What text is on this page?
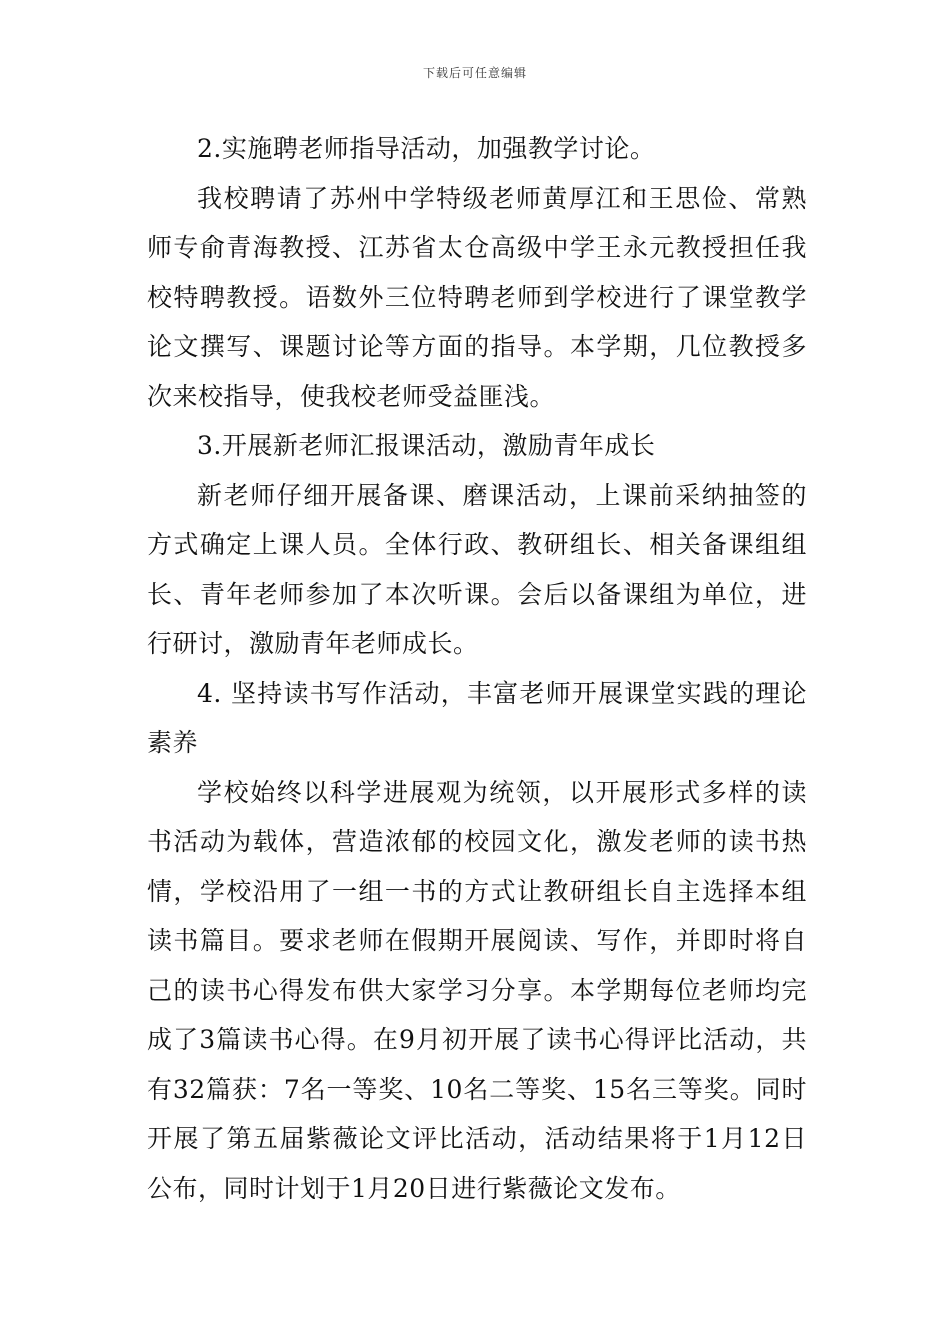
下载后可任意编辑

2.实施聘老师指导活动，加强教学讨论。

我校聘请了苏州中学特级老师黄厚江和王思俭、常熟师专俞青海教授、江苏省太仓高级中学王永元教授担任我校特聘教授。语数外三位特聘老师到学校进行了课堂教学论文撰写、课题讨论等方面的指导。本学期，几位教授多次来校指导，使我校老师受益匪浅。

3.开展新老师汇报课活动，激励青年成长

新老师仔细开展备课、磨课活动，上课前采纳抽签的方式确定上课人员。全体行政、教研组长、相关备课组组长、青年老师参加了本次听课。会后以备课组为单位，进行研讨，激励青年老师成长。

4. 坚持读书写作活动，丰富老师开展课堂实践的理论素养

学校始终以科学进展观为统领，以开展形式多样的读书活动为载体，营造浓郁的校园文化，激发老师的读书热情，学校沿用了一组一书的方式让教研组长自主选择本组读书篇目。要求老师在假期开展阅读、写作，并即时将自己的读书心得发布供大家学习分享。本学期每位老师均完成了3篇读书心得。在9月初开展了读书心得评比活动，共有32篇获：7名一等奖、10名二等奖、15名三等奖。同时开展了第五届紫薇论文评比活动，活动结果将于1月12日公布，同时计划于1月20日进行紫薇论文发布。
